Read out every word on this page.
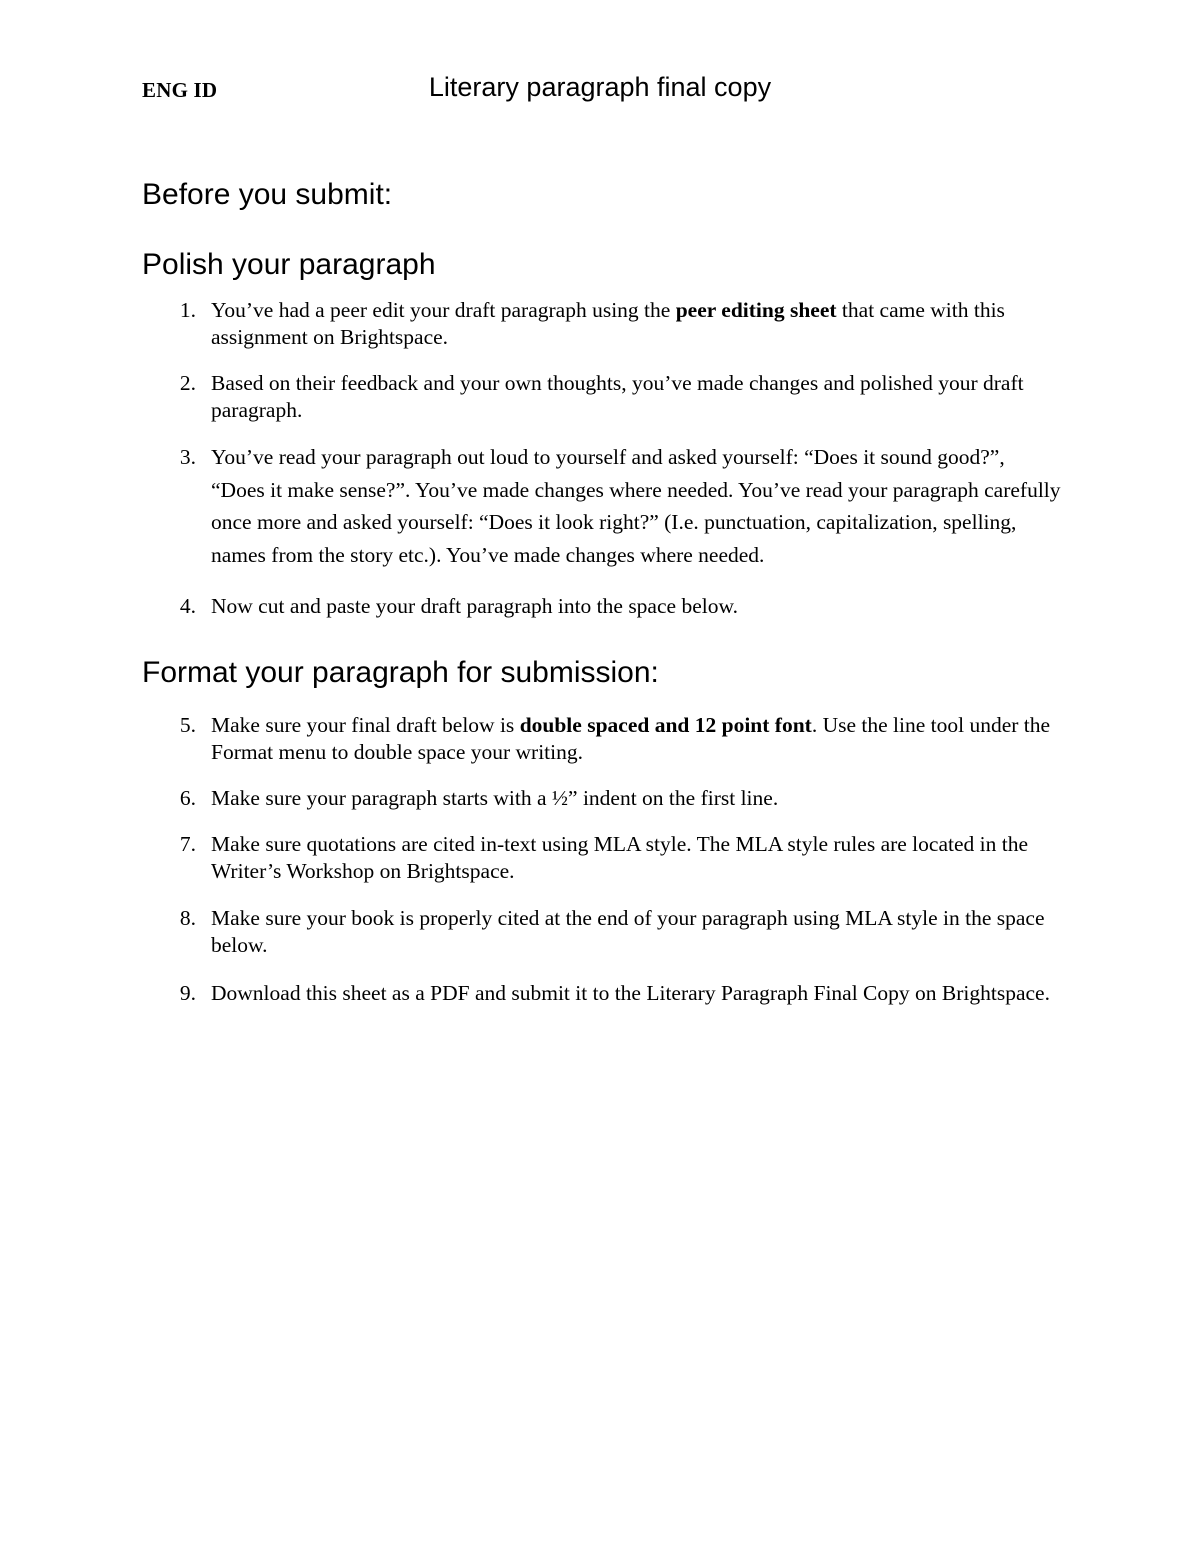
ENG ID	Literary paragraph final copy
Before you submit:
Polish your paragraph
1. You’ve had a peer edit your draft paragraph using the peer editing sheet that came with this assignment on Brightspace.
2. Based on their feedback and your own thoughts, you’ve made changes and polished your draft paragraph.
3. You’ve read your paragraph out loud to yourself and asked yourself: “Does it sound good?”, “Does it make sense?”. You’ve made changes where needed. You’ve read your paragraph carefully once more and asked yourself: “Does it look right?” (I.e. punctuation, capitalization, spelling, names from the story etc.). You’ve made changes where needed.
4. Now cut and paste your draft paragraph into the space below.
Format your paragraph for submission:
5. Make sure your final draft below is double spaced and 12 point font. Use the line tool under the Format menu to double space your writing.
6. Make sure your paragraph starts with a ½” indent on the first line.
7. Make sure quotations are cited in-text using MLA style. The MLA style rules are located in the Writer’s Workshop on Brightspace.
8. Make sure your book is properly cited at the end of your paragraph using MLA style in the space below.
9. Download this sheet as a PDF and submit it to the Literary Paragraph Final Copy on Brightspace.
